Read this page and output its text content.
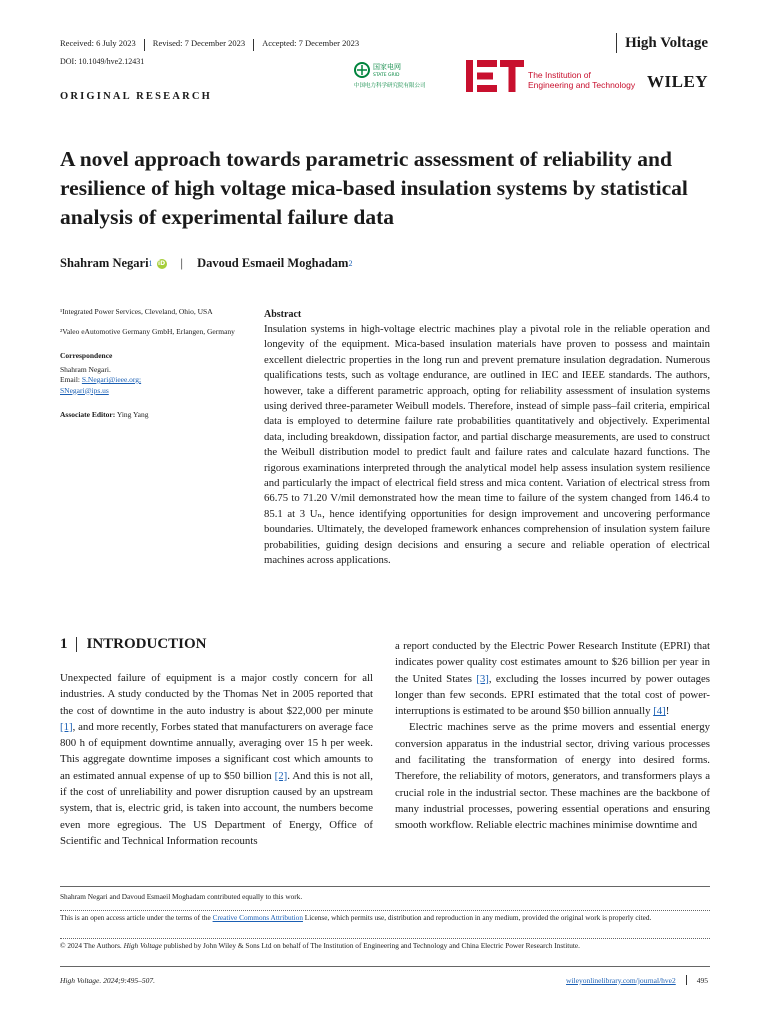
Received: 6 July 2023 Revised: 7 December 2023 Accepted: 7 December 2023	High Voltage
DOI: 10.1049/hve2.12431
ORIGINAL RESEARCH
国家电网
STATE GRID
中国电力科学研究院有限公司
The Institution of
Engineering and Technology WILEY
A novel approach towards parametric assessment of reliability and resilience of high voltage mica-based insulation systems by statistical analysis of experimental failure data
Shahram Negari 1 iD | Davoud Esmaeil Moghadam 2

¹Integrated Power Services, Cleveland, Ohio, USA

²Valeo eAutomotive Germany GmbH, Erlangen, Germany

Correspondence
Shahram Negari.
Email: S.Negari@ieee.org;
SNegari@ips.us

Associate Editor: Ying Yang

Abstract
Insulation systems in high-voltage electric machines play a pivotal role in the reliable operation and longevity of the equipment. Mica-based insulation materials have proven to possess and maintain excellent dielectric properties in the long run and prevent premature insulation degradation. Numerous qualifications tests, such as voltage endurance, are outlined in IEC and IEEE standards. The authors, however, take a different parametric approach, opting for reliability assessment of insulation systems using derived three-parameter Weibull models. Therefore, instead of simple pass–fail criteria, empirical data is employed to determine failure rate probabilities quantitatively and objectively. Experimental data, including breakdown, dissipation factor, and partial discharge measurements, are used to construct the Weibull distribution model to predict fault and failure rates and calculate hazard functions. The rigorous examinations interpreted through the analytical model help assess insulation system resilience and particularly the impact of electrical field stress and mica content. Variation of electrical stress from 66.75 to 71.20 V/mil demonstrated how the mean time to failure of the system changed from 146.4 to 85.1 at 3 Uₙ, hence identifying opportunities for design improvement and uncovering performance boundaries. Ultimately, the developed framework enhances comprehension of insulation system failure probabilities, guiding design decisions and ensuring a secure and reliable operation of electrical machines across applications.
1 INTRODUCTION

Unexpected failure of equipment is a major costly concern for all industries. A study conducted by the Thomas Net in 2005 reported that the cost of downtime in the auto industry is about $22,000 per minute [1], and more recently, Forbes stated that manufacturers on average face 800 h of equipment downtime annually, averaging over 15 h per week. This aggregate downtime imposes a significant cost which amounts to an estimated annual expense of up to $50 billion [2]. And this is not all, if the cost of unreliability and power disruption caused by an upstream system, that is, electric grid, is taken into account, the numbers become even more egregious. The US Department of Energy, Office of Scientific and Technical Information recounts

a report conducted by the Electric Power Research Institute (EPRI) that indicates power quality cost estimates amount to $26 billion per year in the United States [3], excluding the losses incurred by power outages longer than few seconds. EPRI estimated that the total cost of power-interruptions is estimated to be around $50 billion annually [4]!

Electric machines serve as the prime movers and essential energy conversion apparatus in the industrial sector, driving various processes and facilitating the transformation of energy into desired forms. Therefore, the reliability of motors, generators, and transformers plays a crucial role in the industrial sector. These machines are the backbone of many industrial processes, powering essential operations and ensuring smooth workflow. Reliable electric machines minimise downtime and

Shahram Negari and Davoud Esmaeil Moghadam contributed equally to this work.
This is an open access article under the terms of the Creative Commons Attribution License, which permits use, distribution and reproduction in any medium, provided the original work is properly cited.
© 2024 The Authors. High Voltage published by John Wiley & Sons Ltd on behalf of The Institution of Engineering and Technology and China Electric Power Research Institute.
High Voltage. 2024;9:495–507.	wileyonlinelibrary.com/journal/hve2	495
